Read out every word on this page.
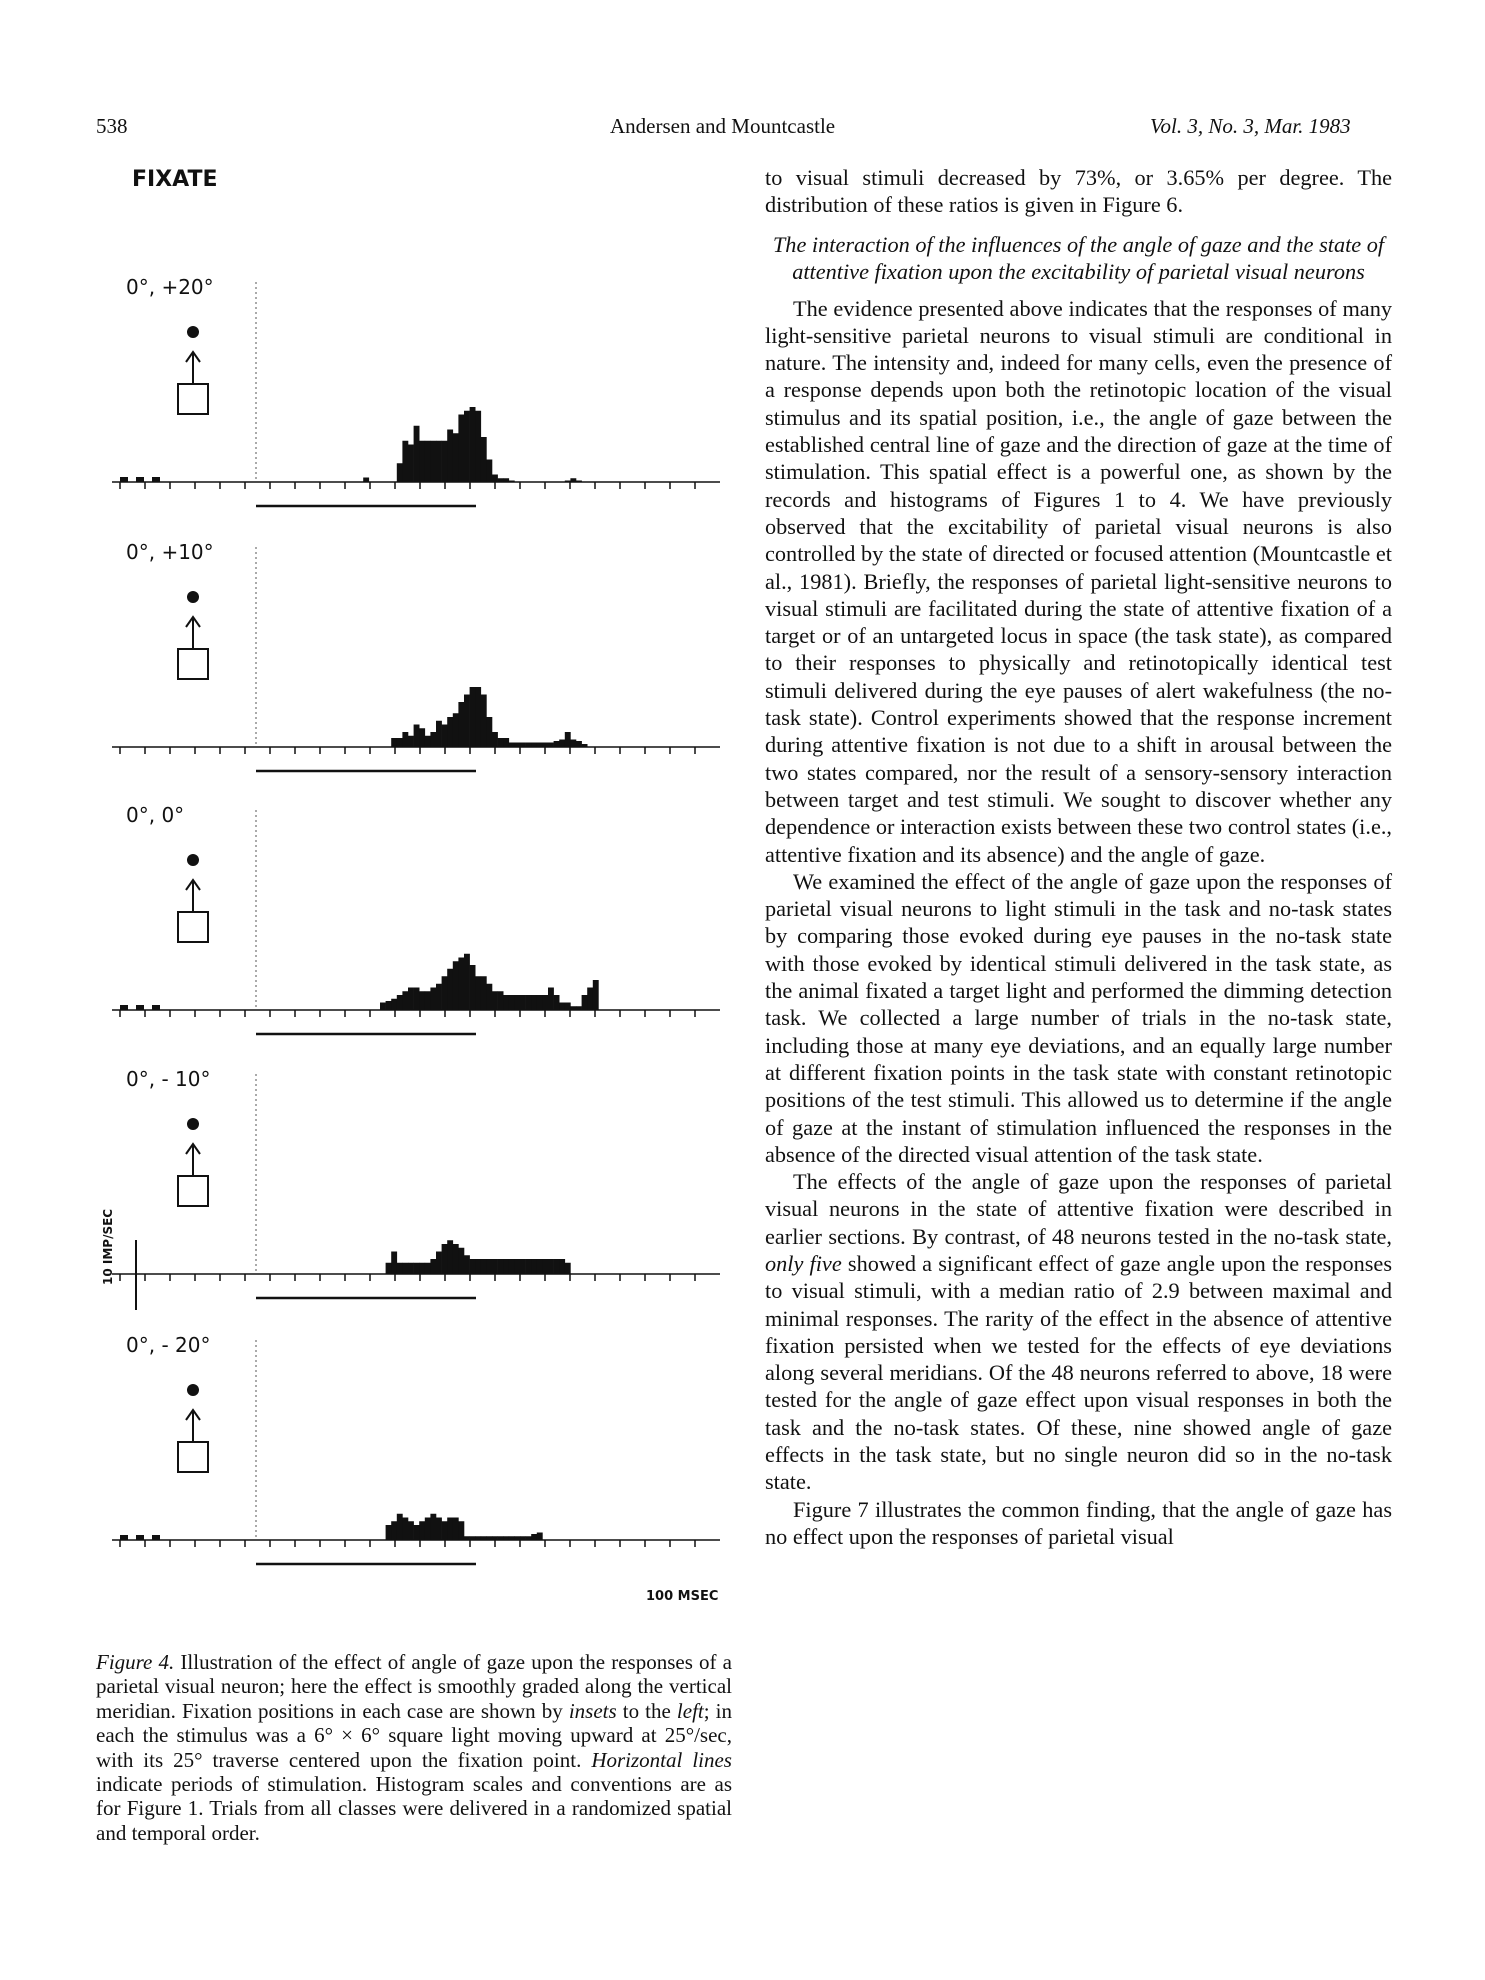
538	Andersen and Mountcastle	Vol. 3, No. 3, Mar. 1983
FIXATE
10 IMP/SEC
100 MSEC
0°, +20°
0°, +10°
0°, 0°
0°, - 10°
0°, - 20°
Figure 4. Illustration of the effect of angle of gaze upon the responses of a parietal visual neuron; here the effect is smoothly graded along the vertical meridian. Fixation positions in each case are shown by insets to the left; in each the stimulus was a 6° × 6° square light moving upward at 25°/sec, with its 25° traverse centered upon the fixation point. Horizontal lines indicate periods of stimulation. Histogram scales and conventions are as for Figure 1. Trials from all classes were delivered in a randomized spatial and temporal order.

to visual stimuli decreased by 73%, or 3.65% per degree. The distribution of these ratios is given in Figure 6.

The interaction of the influences of the angle of gaze and the state of attentive fixation upon the excitability of parietal visual neurons

The evidence presented above indicates that the responses of many light-sensitive parietal neurons to visual stimuli are conditional in nature. The intensity and, indeed for many cells, even the presence of a response depends upon both the retinotopic location of the visual stimulus and its spatial position, i.e., the angle of gaze between the established central line of gaze and the direction of gaze at the time of stimulation. This spatial effect is a powerful one, as shown by the records and histograms of Figures 1 to 4. We have previously observed that the excitability of parietal visual neurons is also controlled by the state of directed or focused attention (Mountcastle et al., 1981). Briefly, the responses of parietal light-sensitive neurons to visual stimuli are facilitated during the state of attentive fixation of a target or of an untargeted locus in space (the task state), as compared to their responses to physically and retinotopically identical test stimuli delivered during the eye pauses of alert wakefulness (the no-task state). Control experiments showed that the response increment during attentive fixation is not due to a shift in arousal between the two states compared, nor the result of a sensory-sensory interaction between target and test stimuli. We sought to discover whether any dependence or interaction exists between these two control states (i.e., attentive fixation and its absence) and the angle of gaze.

We examined the effect of the angle of gaze upon the responses of parietal visual neurons to light stimuli in the task and no-task states by comparing those evoked during eye pauses in the no-task state with those evoked by identical stimuli delivered in the task state, as the animal fixated a target light and performed the dimming detection task. We collected a large number of trials in the no-task state, including those at many eye deviations, and an equally large number at different fixation points in the task state with constant retinotopic positions of the test stimuli. This allowed us to determine if the angle of gaze at the instant of stimulation influenced the responses in the absence of the directed visual attention of the task state.

The effects of the angle of gaze upon the responses of parietal visual neurons in the state of attentive fixation were described in earlier sections. By contrast, of 48 neurons tested in the no-task state, only five showed a significant effect of gaze angle upon the responses to visual stimuli, with a median ratio of 2.9 between maximal and minimal responses. The rarity of the effect in the absence of attentive fixation persisted when we tested for the effects of eye deviations along several meridians. Of the 48 neurons referred to above, 18 were tested for the angle of gaze effect upon visual responses in both the task and the no-task states. Of these, nine showed angle of gaze effects in the task state, but no single neuron did so in the no-task state.

Figure 7 illustrates the common finding, that the angle of gaze has no effect upon the responses of parietal visual
